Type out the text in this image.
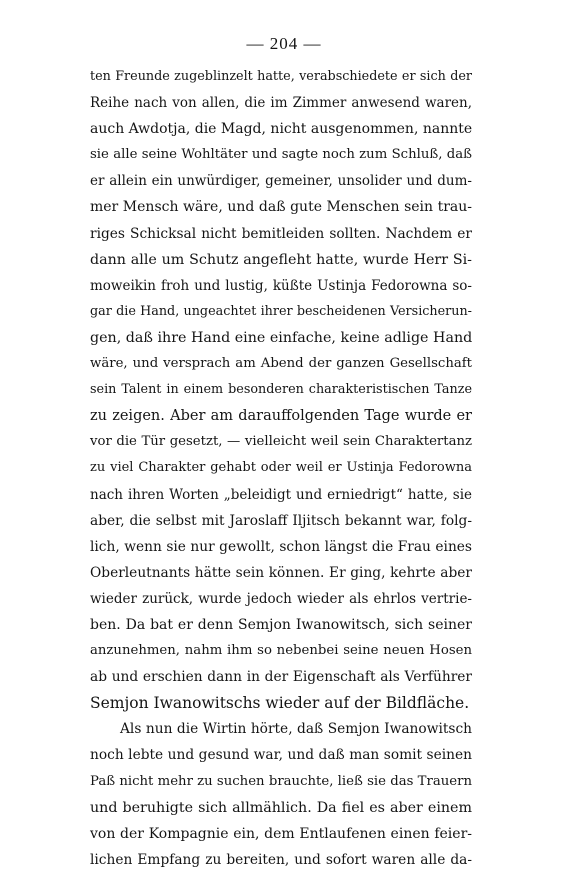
— 204 —
ten Freunde zugeblinzelt hatte, verabschiedete er sich der
Reihe nach von allen, die im Zimmer anwesend waren,
auch Awdotja, die Magd, nicht ausgenommen, nannte
sie alle seine Wohltäter und sagte noch zum Schluß, daß
er allein ein unwürdiger, gemeiner, unsolider und dum-
mer Mensch wäre, und daß gute Menschen sein trau-
riges Schicksal nicht bemitleiden sollten. Nachdem er
dann alle um Schutz angefleht hatte, wurde Herr Si-
moweikin froh und lustig, küßte Ustinja Fedorowna so-
gar die Hand, ungeachtet ihrer bescheidenen Versicherun-
gen, daß ihre Hand eine einfache, keine adlige Hand
wäre, und versprach am Abend der ganzen Gesellschaft
sein Talent in einem besonderen charakteristischen Tanze
zu zeigen. Aber am darauffolgenden Tage wurde er
vor die Tür gesetzt, — vielleicht weil sein Charaktertanz
zu viel Charakter gehabt oder weil er Ustinja Fedorowna
nach ihren Worten „beleidigt und erniedrigt“ hatte, sie
aber, die selbst mit Jaroslaff Iljitsch bekannt war, folg-
lich, wenn sie nur gewollt, schon längst die Frau eines
Oberleutnants hätte sein können. Er ging, kehrte aber
wieder zurück, wurde jedoch wieder als ehrlos vertrie-
ben. Da bat er denn Semjon Iwanowitsch, sich seiner
anzunehmen, nahm ihm so nebenbei seine neuen Hosen
ab und erschien dann in der Eigenschaft als Verführer
Semjon Iwanowitschs wieder auf der Bildfläche.
Als nun die Wirtin hörte, daß Semjon Iwanowitsch
noch lebte und gesund war, und daß man somit seinen
Paß nicht mehr zu suchen brauchte, ließ sie das Trauern
und beruhigte sich allmählich. Da fiel es aber einem
von der Kompagnie ein, dem Entlaufenen einen feier-
lichen Empfang zu bereiten, und sofort waren alle da-
